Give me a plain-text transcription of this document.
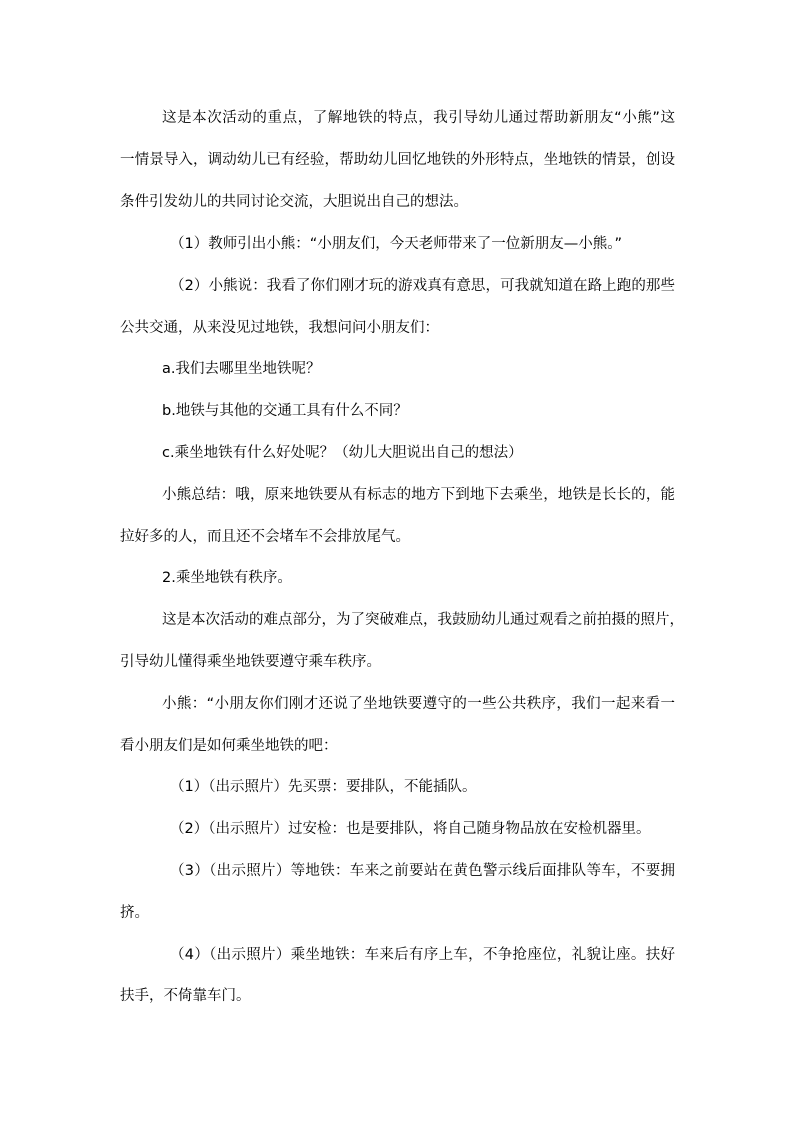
这是本次活动的重点，了解地铁的特点，我引导幼儿通过帮助新朋友“小熊”这
一情景导入，调动幼儿已有经验，帮助幼儿回忆地铁的外形特点，坐地铁的情景，创设
条件引发幼儿的共同讨论交流，大胆说出自己的想法。
（1）教师引出小熊：“小朋友们，今天老师带来了一位新朋友—小熊。”
（2）小熊说：我看了你们刚才玩的游戏真有意思，可我就知道在路上跑的那些
公共交通，从来没见过地铁，我想问问小朋友们：
a.我们去哪里坐地铁呢？
b.地铁与其他的交通工具有什么不同？
c.乘坐地铁有什么好处呢？（幼儿大胆说出自己的想法）
小熊总结：哦，原来地铁要从有标志的地方下到地下去乘坐，地铁是长长的，能
拉好多的人，而且还不会堵车不会排放尾气。
2.乘坐地铁有秩序。
这是本次活动的难点部分，为了突破难点，我鼓励幼儿通过观看之前拍摄的照片，
引导幼儿懂得乘坐地铁要遵守乘车秩序。
小熊：“小朋友你们刚才还说了坐地铁要遵守的一些公共秩序，我们一起来看一
看小朋友们是如何乘坐地铁的吧：
（1）（出示照片）先买票：要排队，不能插队。
（2）（出示照片）过安检：也是要排队，将自己随身物品放在安检机器里。
（3）（出示照片）等地铁：车来之前要站在黄色警示线后面排队等车，不要拥
挤。
（4）（出示照片）乘坐地铁：车来后有序上车，不争抢座位，礼貌让座。扶好
扶手，不倚靠车门。
